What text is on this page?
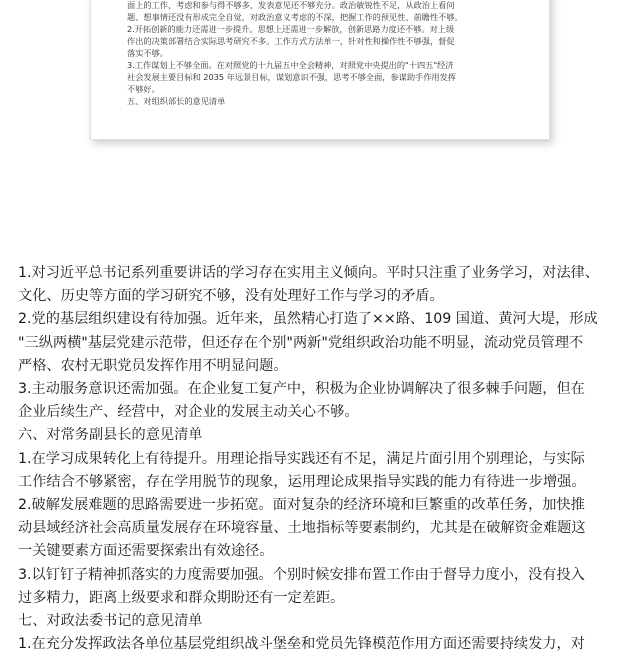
面上的工作，考虑和参与得不够多，发表意见还不够充分。政治敏锐性不足，从政治上看问
题、想事情还没有形成完全自觉，对政治意义考虑的不深，把握工作的预见性、前瞻性不够。
2.开拓创新的能力还需进一步提升。思想上还需进一步解放，创新思路力度还不够。对上级
作出的决策部署结合实际思考研究不多。工作方式方法单一，针对性和操作性不够强，督促
落实不够。
3.工作谋划上不够全面。在对照党的十九届五中全会精神，对照党中央提出的"十四五"经济
社会发展主要目标和 2035 年远景目标，谋划意识不强，思考不够全面，参谋助手作用发挥
不够好。
五、对组织部长的意见清单
1.对习近平总书记系列重要讲话的学习存在实用主义倾向。平时只注重了业务学习，对法律、
文化、历史等方面的学习研究不够，没有处理好工作与学习的矛盾。
2.党的基层组织建设有待加强。近年来，虽然精心打造了××路、109 国道、黄河大堤，形成
"三纵两横"基层党建示范带，但还存在个别"两新"党组织政治功能不明显，流动党员管理不
严格、农村无职党员发挥作用不明显问题。
3.主动服务意识还需加强。在企业复工复产中，积极为企业协调解决了很多棘手问题，但在
企业后续生产、经营中，对企业的发展主动关心不够。
六、对常务副县长的意见清单
1.在学习成果转化上有待提升。用理论指导实践还有不足，满足片面引用个别理论，与实际
工作结合不够紧密，存在学用脱节的现象，运用理论成果指导实践的能力有待进一步增强。
2.破解发展难题的思路需要进一步拓宽。面对复杂的经济环境和巨繁重的改革任务，加快推
动县域经济社会高质量发展存在环境容量、土地指标等要素制约，尤其是在破解资金难题这
一关键要素方面还需要探索出有效途径。
3.以钉钉子精神抓落实的力度需要加强。个别时候安排布置工作由于督导力度小，没有投入
过多精力，距离上级要求和群众期盼还有一定差距。
七、对政法委书记的意见清单
1.在充分发挥政法各单位基层党组织战斗堡垒和党员先锋模范作用方面还需要持续发力，对
